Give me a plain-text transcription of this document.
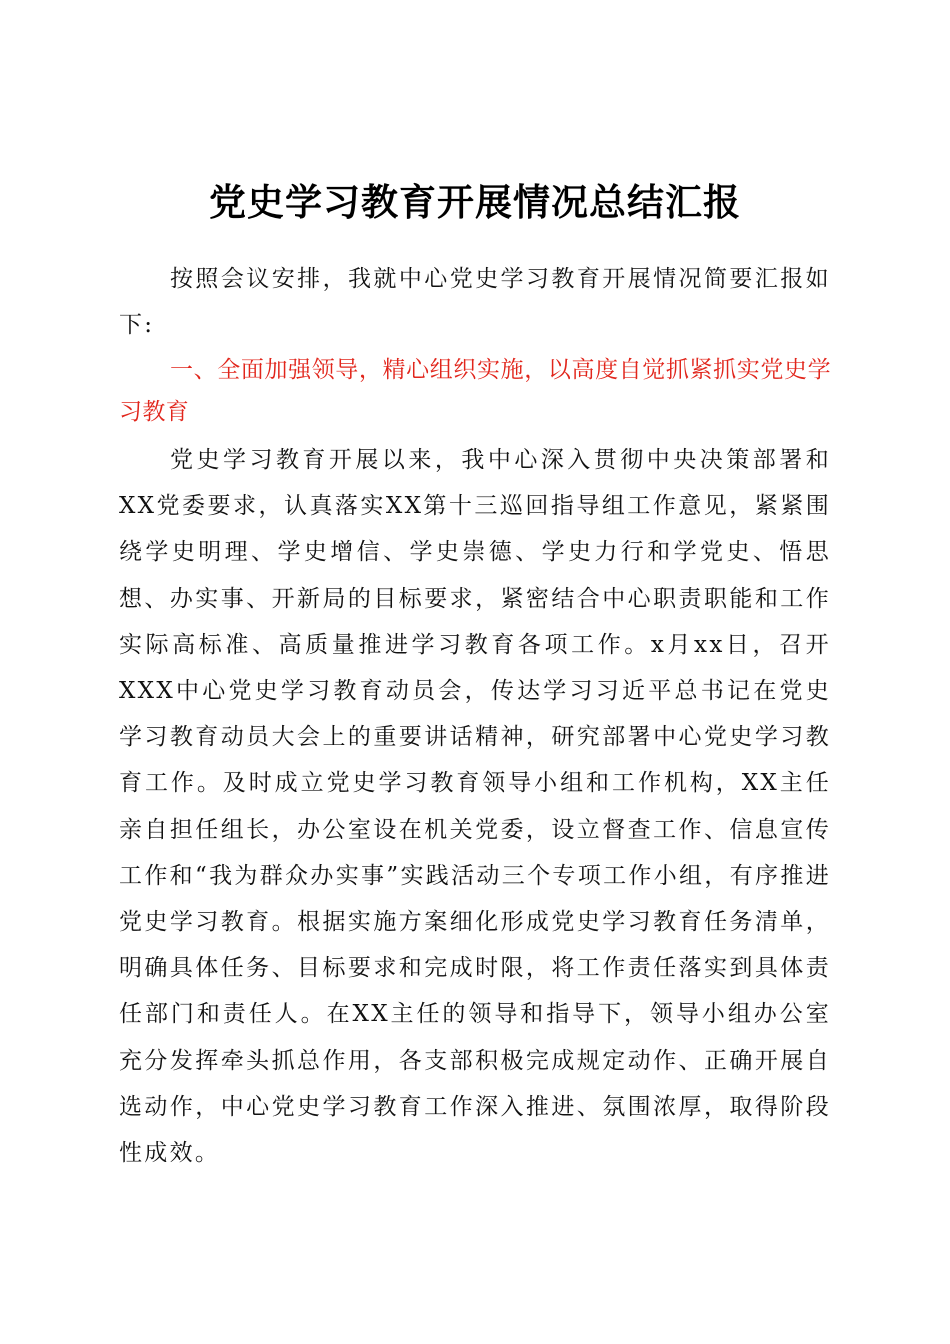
党史学习教育开展情况总结汇报

按照会议安排，我就中心党史学习教育开展情况简要汇报如下:

一、全面加强领导，精心组织实施，以高度自觉抓紧抓实党史学习教育

党史学习教育开展以来，我中心深入贯彻中央决策部署和XX党委要求，认真落实XX第十三巡回指导组工作意见，紧紧围绕学史明理、学史增信、学史崇德、学史力行和学党史、悟思想、办实事、开新局的目标要求，紧密结合中心职责职能和工作实际高标准、高质量推进学习教育各项工作。x月xx日，召开XXX中心党史学习教育动员会，传达学习习近平总书记在党史学习教育动员大会上的重要讲话精神，研究部署中心党史学习教育工作。及时成立党史学习教育领导小组和工作机构，XX主任亲自担任组长，办公室设在机关党委，设立督查工作、信息宣传工作和“我为群众办实事”实践活动三个专项工作小组，有序推进党史学习教育。根据实施方案细化形成党史学习教育任务清单，明确具体任务、目标要求和完成时限，将工作责任落实到具体责任部门和责任人。在XX主任的领导和指导下，领导小组办公室充分发挥牵头抓总作用，各支部积极完成规定动作、正确开展自选动作，中心党史学习教育工作深入推进、氛围浓厚，取得阶段性成效。
